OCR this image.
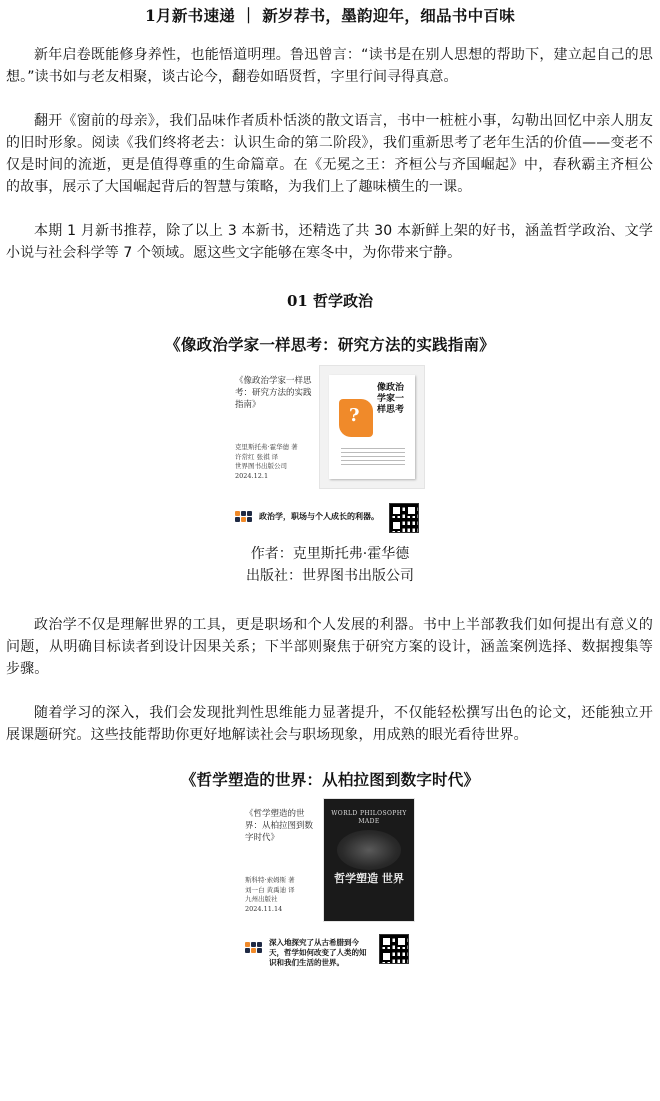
1月新书速递 ｜ 新岁荐书，墨韵迎年，细品书中百味

新年启卷既能修身养性，也能悟道明理。鲁迅曾言：“读书是在别人思想的帮助下，建立起自己的思想。”读书如与老友相聚，谈古论今，翻卷如晤贤哲，字里行间寻得真意。

翻开《窗前的母亲》，我们品味作者质朴恬淡的散文语言，书中一桩桩小事，勾勒出回忆中亲人朋友的旧时形象。阅读《我们终将老去：认识生命的第二阶段》，我们重新思考了老年生活的价值——变老不仅是时间的流逝，更是值得尊重的生命篇章。在《无冕之王：齐桓公与齐国崛起》中，春秋霸主齐桓公的故事，展示了大国崛起背后的智慧与策略，为我们上了趣味横生的一课。

本期 1 月新书推荐，除了以上 3 本新书，还精选了共 30 本新鲜上架的好书，涵盖哲学政治、文学小说与社会科学等 7 个领域。愿这些文字能够在寒冬中，为你带来宁静。

01 哲学政治
《像政治学家一样思考：研究方法的实践指南》
《像政治学家一样思考：研究方法的实践指南》
克里斯托弗·霍华德 著
许常红 张祺 译
世界图书出版公司
2024.12.1
?
像政治学家一样思考
政治学，职场与个人成长的利器。
作者：克里斯托弗·霍华德
出版社：世界图书出版公司

政治学不仅是理解世界的工具，更是职场和个人发展的利器。书中上半部教我们如何提出有意义的问题，从明确目标读者到设计因果关系；下半部则聚焦于研究方案的设计，涵盖案例选择、数据搜集等步骤。

随着学习的深入，我们会发现批判性思维能力显著提升，不仅能轻松撰写出色的论文，还能独立开展课题研究。这些技能帮助你更好地解读社会与职场现象，用成熟的眼光看待世界。

《哲学塑造的世界：从柏拉图到数字时代》
《哲学塑造的世界：从柏拉图到数字时代》
斯科特·索姆斯 著
刘一白 黄禹迪 译
九州出版社
2024.11.14
WORLD PHILOSOPHY MADE
哲学塑造 世界
深入地探究了从古希腊到今天，哲学如何改变了人类的知识和我们生活的世界。
